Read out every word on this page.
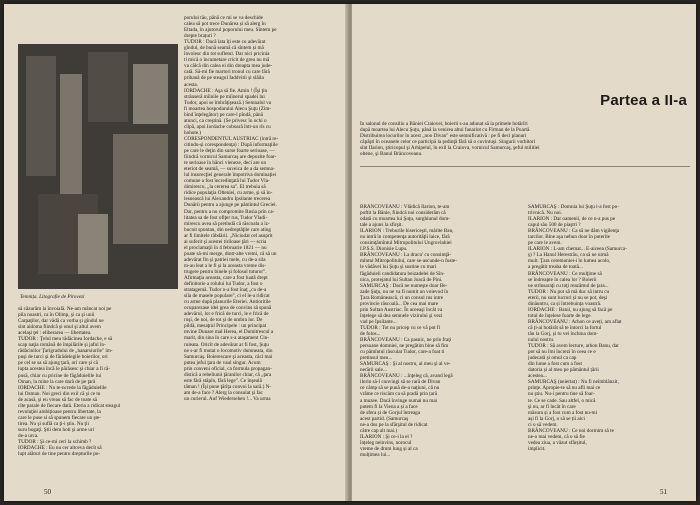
Temnița. Litografie de Pirovezi

porului tău, până ce mi se va deschide

calea să pot trece Dunărea și să alerg în

Eltada, în ajutorul poporului meu. Sîntem pe

drepte brațuri ?

TUDOR : Dacă lata îți este cu adevărat

gîndul, de bună seamă că sîntem și mă

învoiesc din tot sufletul. Dar nici pricinia

ti mică o încumetare cricit de greu nu mă

va călcă din calea ei din dreapta mea jude-

cată. Să-mi fie martori tronul cu care fără

prihană de pe steagul Iaddvitii și slăila

acesta.

IORDACHE : Aşa să fie. Amin ! (Îşi ţin

strânseră mîinile pe mîinerul spadei lui

Tudor, apoi se îmbrăţişează.) Semnalul va

fi moartea hospodarului Alecu Şuţu (Zim-

bind înţelegător) pe care-l pîndă, până

atunci, ca creştină. (Se privesc în ochi o

clipă, apoi Iordache coboară într-un rîs cu

hohote.)

CORESPONDENTUL AUSTRIAC (intră re-

citindu-și corespondenţa) : După informaţiile

pe care le deţin din surse foarte serioase, —

fiindcă vornicul Samurcaş are depozite foar-

te serioase în bănci vieneze, deci are un

eteriot de seamă, — suveica de a da semna-

lul insurecţiei generale împotriva dominaţiei

comune a fost încredinţată lui Tudor Vla-

dimirescu, „la cererea sa". El trebuia să

ridice populaţia Olteniei, cu arme, şi să în-

lesnească lui Alexandru Ipsilante trecerea

Dunării pentru a ajunge pe pămîntul Greciei.

Dar, pentru a nu compromite Rusia prin ca-

litatea sa de fost ofiţer rus, Tudor Vladi-

mirescu avea să pretindă că răscoala a iz-

bucnit spontan, din nedreptăţile care ating

ar fi limitele răbdării. „Niciodat cel asuprit

ai suferit şi acestei tiriloase ţări — scria

el proclamaţii în 4 februarie 1821 — nu

poate să-mi merge, dintr-alte vremi, că să un

adevărat fin şi patriei mele, cu de-a sila

m-au leat a le fi şi la aceasta vreme dis-

trugere pentru binele şi folosul tuturor".

Afirmaţia aceasta, care a fost luată drept

definitorie a rolului lui Tudor, a fost o

stratagemă. Tudor n-a fost înaţ „cu de-a

sila de masele populare", ci el le-a ridicat

cu arme după planurile Eteriei. Antioritile

ocuparezase idei grea de convins să spună

adevărul, lor e frică de turci, le e frică de

ruşi, de noi, de tot şi de umbra lor. De

pildă, mesaţrul Principele : un principat

mvine Dunare mal Herea, el Dumitrescul a

marit, din sina în care s-a ataşament Cin-

ruleata. Oricît de adevărat ar fi fost, Şuţu

ne s-ar fi mutat o locomotiv dumneata, din

Samurcaş. Boierescare şi aceasta, căci mai

putea jefui ţara de vaul singur. Acum

prin conveni oficial, ca formula propagan-

distică a rebeliunii ţăranilor chiar, că „ţara

este fără stăpîn, fără lege". Ce înşeală

tăman ! (Îşi pune ţărîţa convoi la sară.) N-

am de-a face ? Alerg la consulat şi fac

un curierul. Auf Wiedersehen !... Va urma

să căzurăm la învoială. Ne-am mâncat noi pe

pila noastri, ca în Olimp, şi ca şi unii

Carpaţilor, dar vădă ca vorba şi gîndul ne

sînt aidoma fiindcă şi unul şi altul avem

acelaşi ţel : eliberarea — libertatea.

TUDOR : Ţelul meu rădăcinea Iordache, e să

scap naţia română de împilările şi jaful în-

rădăcinilor Ţarigradului de „hanarsiurile" im-

puşi de turci şi de fărădelegile boierilor, ori

pe cel se sa să ajung ţară, ori care şi că

lupta acestea încă le părăsesc şi chiar a fi ră-

pusă, chiar cu pricine de făgăduielile lui

Oman, la mine la care dară de pe ţară

IORDACHE : Nu te-ncrede la făgăduielile

lui Osman. Noi greci din exil că şi ce tu

de acasă, şi eu vreau să fac de toate să

cîte parale de fiecare dată. Eteria a ridicat steagul

revoluţiei ambiţioase pentru libertate, la

care le puse si să spunem fiecare un şte-

tirea. Nu şi suflă ca ţi-i ştiu. Nu ţii

suru bogaţi. Ştii dem hoti şi arme uri

de-a urca.

TUDOR : Şi ce-mi ceri la schimb ?

IORDACHE : Eu nu cer altceva decît să

lupt alături de tine pentru drepturile po-

50
Partea a II-a

În salonul de consiliu a Băniei Craiovei, boierii s-au adunat să ia primele hotărîri

după moartea lui Alecu Şuţu, până la venirea altui fanariot cu Firman de la Poartă.

Distribuirea locurilor în acest „noo Divan" este semnificativă : pe fi deci planuri

căpăşti în oceanele celor ce participă la şedinţă fără să o cuvintuşi. Singurii vorbitori

sînt IIarion, ştiricopul şi Arhipelul, în exil la Craiova, vornicul Samurcaş, şeful militiei

oltene, şi Banul Brâncoveanu.

BRÂNCOVEANU : Vlădică Ilarion, te-am

poftit la Bănie, fiindcă noi considerăm că

odată cu moartea lui Şuţu, surghiunul dom-

tale a ajuns la sfirşit.

ILARION : Treburile bisericeşti, mărite Ban,

nu intră în competenţa autorităţii laice, fără

consimţămîntul Mitropolitului Ungrovlahiei

I.P.S.S. Dionisie Lupu.

BRÂNCOVEANU : La dracu' cu consimţă-

mîntul Mitropolitului, care se-ascunde-n fuste-

le vădăvei lui Şuţu şi sustine cu mari

făgăduieli candidatura beizadelei de Sîn-

nica, protejatul lui Sultan Joacă de Pini.

SAMURCAŞ : Dacă ne numeşte doar Be-

zade Şuţu, nu ne va fi numit un voievod în

Ţara Românească, ci un consul rus intre

provincie răscoală... De cea mai mare

prin Sultan Austriac. În aceeaşi încât va

înțelege să dea semnele vizirului şi vezi

vad pe Ipsilante...

TUDOR : Tot nu pricep cu ce vă pot fi

de folos...

BRÂNCOVEANU : Ca pasnic, ne prin fraţi

persoane domniei, ne pregătim bine să fim

cu pămîntul răsculat Tudor, care-a foat ti

pretinsul meu...

SAMURCAŞ : Şi al nostru, al meu şi al ve-

nerării sale...

BRÂNCOVEANU : ...înţeleg că, avand legă

ilorin să-l convingi să se rară de Divan

ce câmp să se pună de-a naţiuni, că nu

vrăme ce riscăm ca să pradă prin țară

a muzee. Dacă învinge numai nu mai

putem fi la Viena a și a face

de sfera și de Gorjul întreaga

acest partid. (Samurcaş

ne-a dus pe la sfârşitul de ridicat

către cap alt mai.)

ILARION : Şi ce-i la el ?

înțeleg neinvins, norocul

vreme de drum lung și al ca

mulțimea lui...

SAMURCAŞ : Domnia lui Şuţu i-a fost po-

trivnică. Nu noi.

ILARION : Dar oamenii, de ce n-a pus pe

capul său 500 de piaştri ?

BRÂNCOVEANU : Ca să ne dăm vigilenţa

tarcilor. Bine aşa nebun doar în puterile

pe care le avem.

ILARION : L-am chemat... E-aiceea (Samurca-

ş) ? La Hanul Herestrău, ca să ne urmă

mult. Ţara ceremoniei-i în lumea acolo,

a pregătit treaba de toată...

BRÂNCOVEANU : Ce mulţime să

se îndreapte în calea lor ? Boierii

ne strînsaraţi cu toţi reazămul de ţara...

TUDOR : Nu pot să mă duc să intru cu

eterii, nu sunt lucruri și nu se pot, deşi

dinăuntru, ca și întrebuința voastră.

IORDACHE : Banii, nu ajung să facă pe

totul de înțelese foarte de lege.

BRÂNCOVEANU : Arhon ce aveți, am aflat

că ți-ai hotărât să te întorci la fortul

tău la Gorj, și tu vei închina dom-

nului nostru.

TUDOR : Să avem lecture, arhon Banu, dar

pot să nu îmi încrezi în ceea ce e

judecată și omul ca cap

din lume a fost cum a fost

datoria și al meu pe pământul țării

acestea...

SAMURCAŞ (neiertat) : Nu fi neîmblânzit,

prinţe. Apropie-te să nu afli mai ce

nu ştiu. Nu-i pentru tine să foar-

te. Ce se cade. Sau altfel, o mică

şi nu, ar fi încât în care

măsura și a fost cum a fost nu-mi

ași fi la Gorj, o să se ții aici

ci o să vedem.

BRÂNCOVEANU : Ce noi dormim să te

ne-o mai vedem, că o să fie

vedea ziua, a văzut sfârșitul,

implicit.

51
